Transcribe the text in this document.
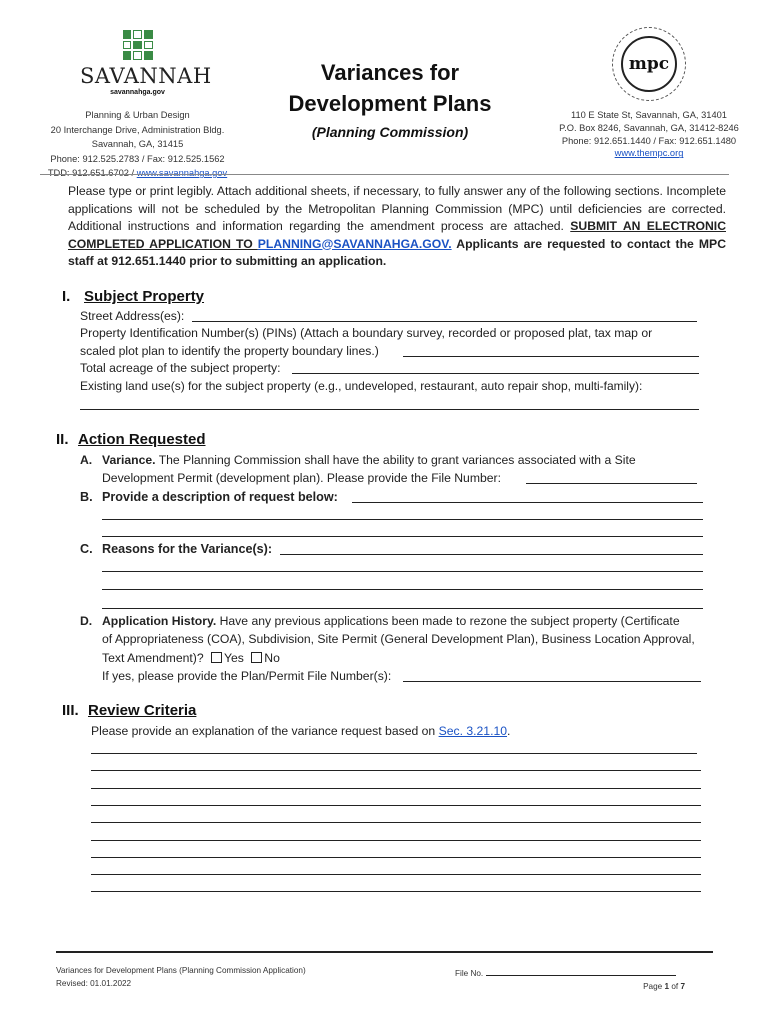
SAVANNAH
savannahga.gov
Planning & Urban Design
20 Interchange Drive, Administration Bldg.
Savannah, GA, 31415
Phone: 912.525.2783 / Fax: 912.525.1562
TDD: 912.651.6702 / www.savannahga.gov
Variances for
Development Plans
(Planning Commission)
mpc
110 E State St, Savannah, GA, 31401
P.O. Box 8246, Savannah, GA, 31412-8246
Phone: 912.651.1440 / Fax: 912.651.1480
www.thempc.org
Please type or print legibly. Attach additional sheets, if necessary, to fully answer any of the following sections. Incomplete applications will not be scheduled by the Metropolitan Planning Commission (MPC) until deficiencies are corrected. Additional instructions and information regarding the amendment process are attached. SUBMIT AN ELECTRONIC COMPLETED APPLICATION TO PLANNING@SAVANNAHGA.GOV. Applicants are requested to contact the MPC staff at 912.651.1440 prior to submitting an application.
I. Subject Property
Street Address(es):
Property Identification Number(s) (PINs) (Attach a boundary survey, recorded or proposed plat, tax map or
scaled plot plan to identify the property boundary lines.)
Total acreage of the subject property:
Existing land use(s) for the subject property (e.g., undeveloped, restaurant, auto repair shop, multi-family):
II. Action Requested
A. Variance. The Planning Commission shall have the ability to grant variances associated with a Site
Development Permit (development plan). Please provide the File Number:
B. Provide a description of request below:
C. Reasons for the Variance(s):
D. Application History. Have any previous applications been made to rezone the subject property (Certificate
of Appropriateness (COA), Subdivision, Site Permit (General Development Plan), Business Location Approval,
Text Amendment)? Yes No
If yes, please provide the Plan/Permit File Number(s):
III. Review Criteria
Please provide an explanation of the variance request based on Sec. 3.21.10.
Variances for Development Plans (Planning Commission Application)
Revised: 01.01.2022
File No.
Page 1 of 7
